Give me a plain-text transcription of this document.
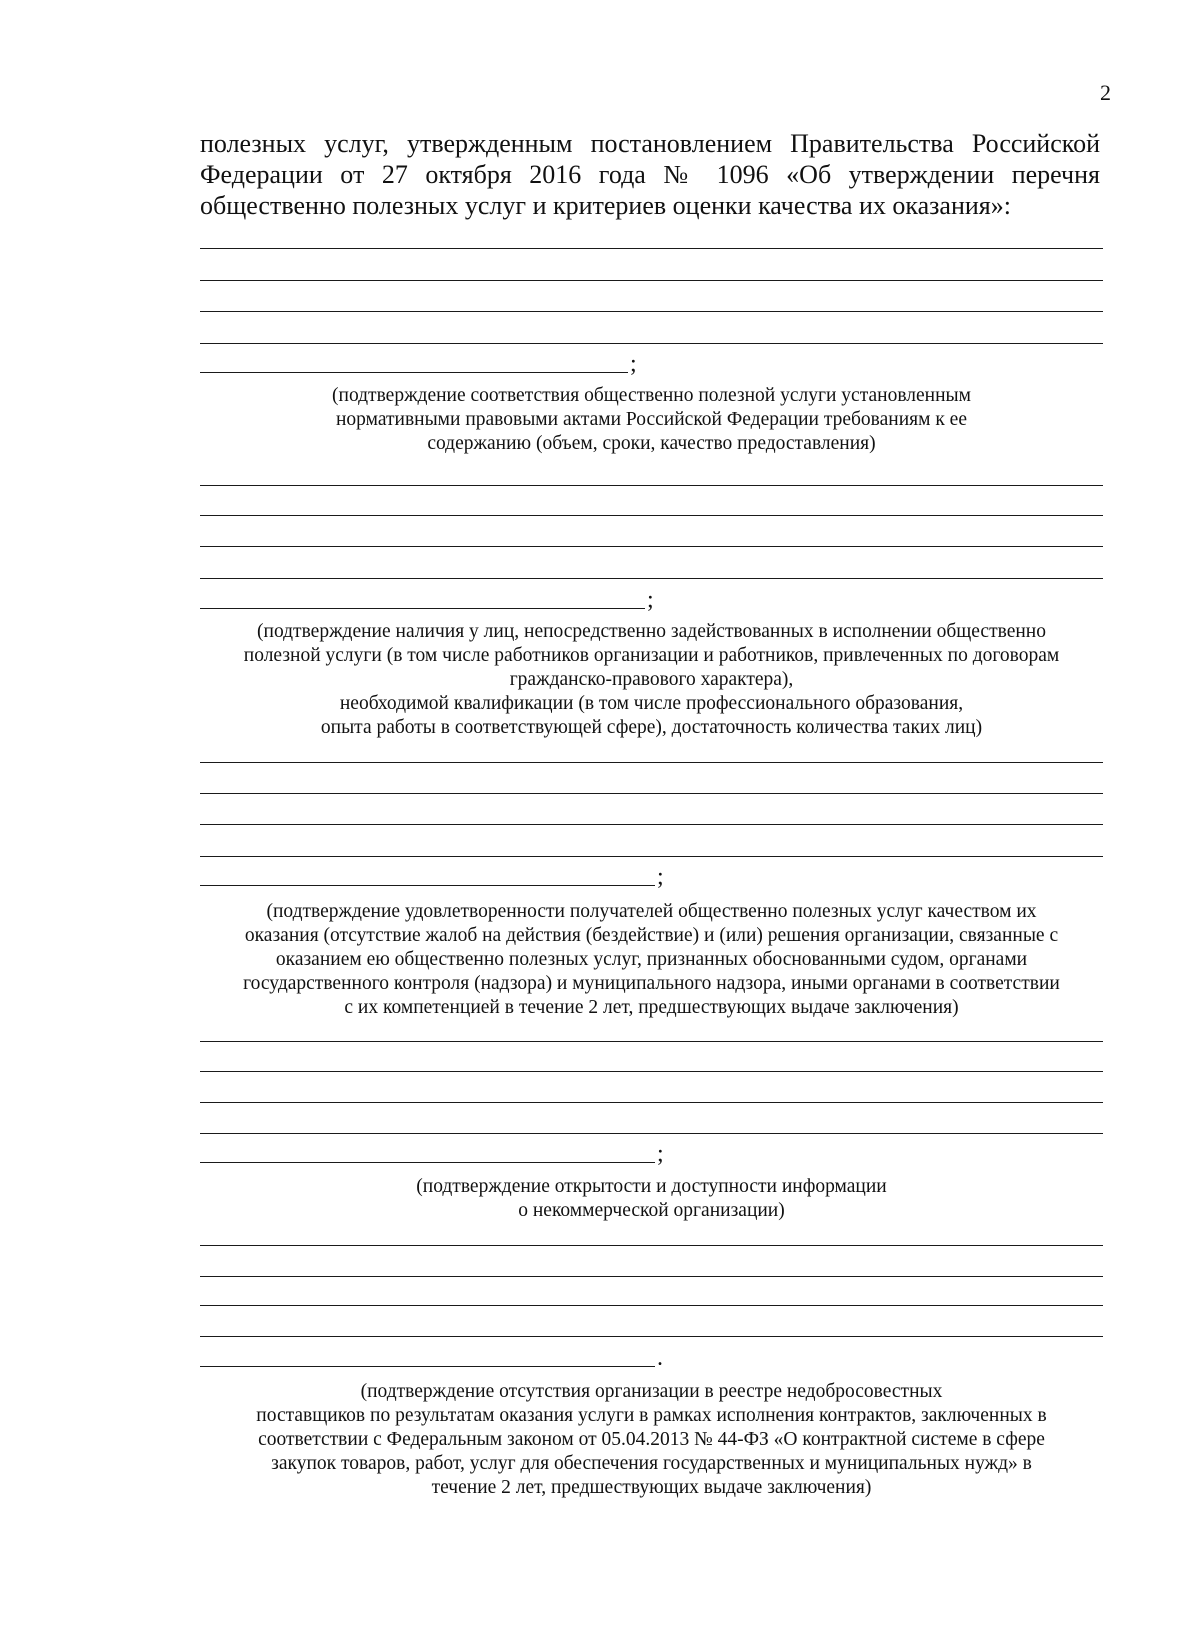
2

полезных услуг, утвержденным постановлением Правительства Российской Федерации от 27 октября 2016 года № 1096 «Об утверждении перечня общественно полезных услуг и критериев оценки качества их оказания»:

;

(подтверждение соответствия общественно полезной услуги установленным
нормативными правовыми актами Российской Федерации требованиям к ее
содержанию (объем, сроки, качество предоставления)

;

(подтверждение наличия у лиц, непосредственно задействованных в исполнении общественно
полезной услуги (в том числе работников организации и работников, привлеченных по договорам
гражданско-правового характера),
необходимой квалификации (в том числе профессионального образования,
опыта работы в соответствующей сфере), достаточность количества таких лиц)

;

(подтверждение удовлетворенности получателей общественно полезных услуг качеством их
оказания (отсутствие жалоб на действия (бездействие) и (или) решения организации, связанные с
оказанием ею общественно полезных услуг, признанных обоснованными судом, органами
государственного контроля (надзора) и муниципального надзора, иными органами в соответствии
с их компетенцией в течение 2 лет, предшествующих выдаче заключения)

;

(подтверждение открытости и доступности информации
о некоммерческой организации)

.

(подтверждение отсутствия организации в реестре недобросовестных
поставщиков по результатам оказания услуги в рамках исполнения контрактов, заключенных в
соответствии с Федеральным законом от 05.04.2013 № 44-ФЗ «О контрактной системе в сфере
закупок товаров, работ, услуг для обеспечения государственных и муниципальных нужд» в
течение 2 лет, предшествующих выдаче заключения)
